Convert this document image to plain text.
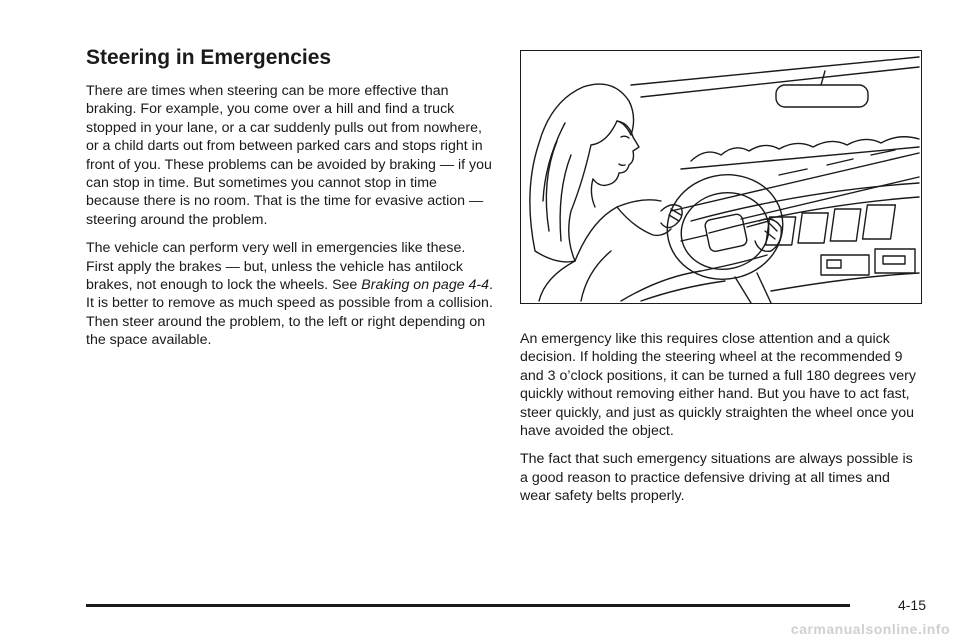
Steering in Emergencies

There are times when steering can be more effective than braking. For example, you come over a hill and find a truck stopped in your lane, or a car suddenly pulls out from nowhere, or a child darts out from between parked cars and stops right in front of you. These problems can be avoided by braking — if you can stop in time. But sometimes you cannot stop in time because there is no room. That is the time for evasive action — steering around the problem.

The vehicle can perform very well in emergencies like these. First apply the brakes — but, unless the vehicle has antilock brakes, not enough to lock the wheels. See Braking on page 4-4. It is better to remove as much speed as possible from a collision. Then steer around the problem, to the left or right depending on the space available.	An emergency like this requires close attention and a quick decision. If holding the steering wheel at the recommended 9 and 3 o’clock positions, it can be turned a full 180 degrees very quickly without removing either hand. But you have to act fast, steer quickly, and just as quickly straighten the wheel once you have avoided the object.

The fact that such emergency situations are always possible is a good reason to practice defensive driving at all times and wear safety belts properly.

4-15
carmanualsonline.info
